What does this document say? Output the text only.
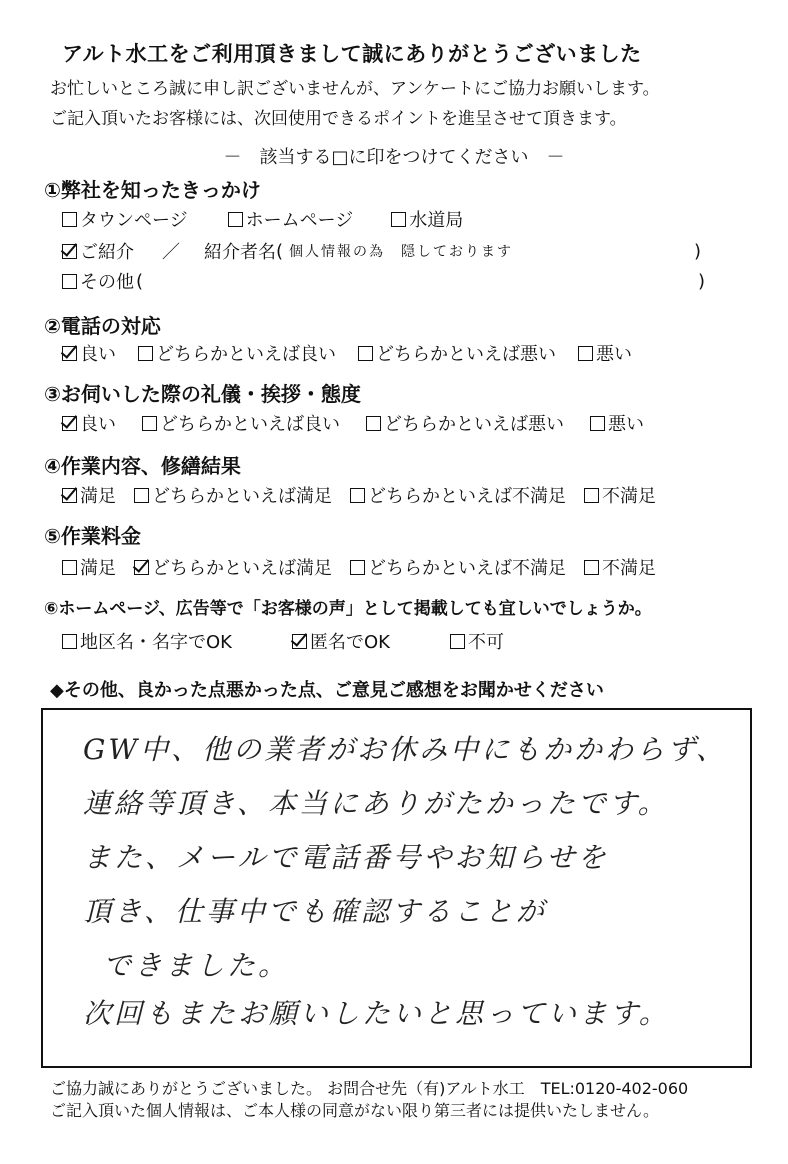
アルト水工をご利用頂きまして誠にありがとうございました
お忙しいところ誠に申し訳ございませんが、アンケートにご協力お願いします。
ご記入頂いたお客様には、次回使用できるポイントを進呈させて頂きます。
－　該当する□に印をつけてください　－
①弊社を知ったきっかけ
タウンページ	ホームページ	水道局
ご紹介 ／ 紹介者名 ( 個人情報の為　隠しております	)
その他 (	)
②電話の対応
良い どちらかといえば良い どちらかといえば悪い 悪い
③お伺いした際の礼儀・挨拶・態度
良い どちらかといえば良い どちらかといえば悪い 悪い
④作業内容、修繕結果
満足 どちらかといえば満足 どちらかといえば不満足 不満足
⑤作業料金
満足 どちらかといえば満足 どちらかといえば不満足 不満足
⑥ホームページ、広告等で「お客様の声」として掲載しても宜しいでしょうか。
地区名・名字でOK	匿名でOK	不可
◆その他、良かった点悪かった点、ご意見ご感想をお聞かせください
GW中、他の業者がお休み中にもかかわらず、
連絡等頂き、本当にありがたかったです。
また、メールで電話番号やお知らせを
頂き、仕事中でも確認することが
できました。
次回もまたお願いしたいと思っています。
ご協力誠にありがとうございました。 お問合せ先（有)アルト水工　TEL:0120-402-060
ご記入頂いた個人情報は、ご本人様の同意がない限り第三者には提供いたしません。
